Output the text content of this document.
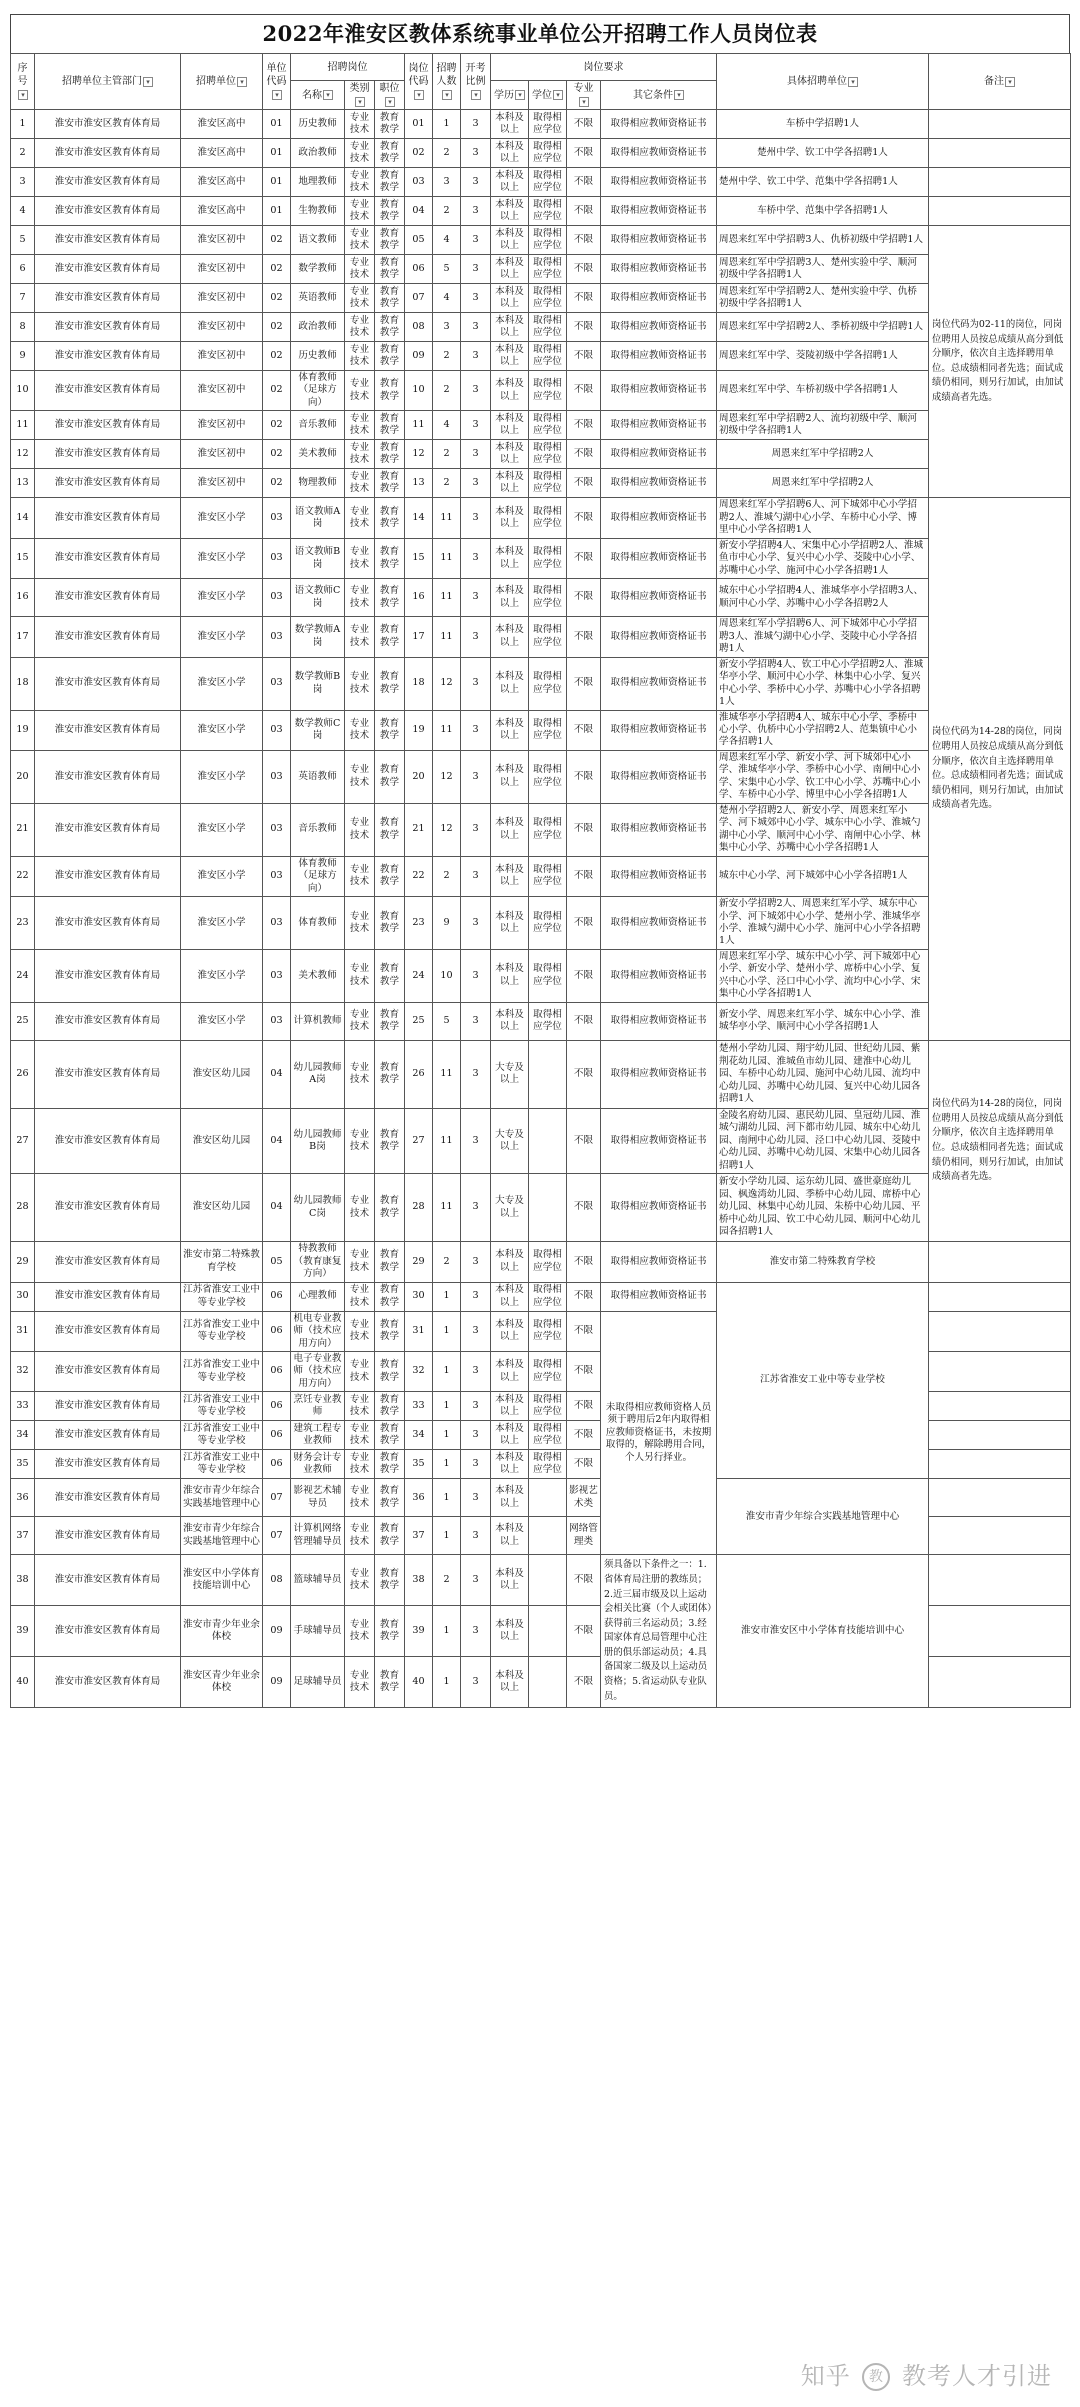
2022年淮安区教体系统事业单位公开招聘工作人员岗位表
序号▾	招聘单位主管部门 ▾	招聘单位 ▾	单位代码▾	招聘岗位			岗位代码▾	招聘人数▾	开考比例▾	岗位要求				具体招聘单位 ▾	备注 ▾
				名称 ▾	类别▾	职位▾				学历 ▾	学位 ▾	专业▾	其它条件 ▾		
1	淮安市淮安区教育体育局	淮安区高中	01	历史教师	专业技术	教育教学	01	1	3	本科及以上	取得相应学位	不限	取得相应教师资格证书	车桥中学招聘1人	
2	淮安市淮安区教育体育局	淮安区高中	01	政治教师	专业技术	教育教学	02	2	3	本科及以上	取得相应学位	不限	取得相应教师资格证书	楚州中学、钦工中学各招聘1人	
3	淮安市淮安区教育体育局	淮安区高中	01	地理教师	专业技术	教育教学	03	3	3	本科及以上	取得相应学位	不限	取得相应教师资格证书	楚州中学、钦工中学、范集中学各招聘1人	
4	淮安市淮安区教育体育局	淮安区高中	01	生物教师	专业技术	教育教学	04	2	3	本科及以上	取得相应学位	不限	取得相应教师资格证书	车桥中学、范集中学各招聘1人	
5	淮安市淮安区教育体育局	淮安区初中	02	语文教师	专业技术	教育教学	05	4	3	本科及以上	取得相应学位	不限	取得相应教师资格证书	周恩来红军中学招聘3人、仇桥初级中学招聘1人	岗位代码为02-11的岗位，同岗位聘用人员按总成绩从高分到低分顺序，依次自主选择聘用单位。总成绩相同者先选；面试成绩仍相同，则另行加试，由加试成绩高者先选。
6	淮安市淮安区教育体育局	淮安区初中	02	数学教师	专业技术	教育教学	06	5	3	本科及以上	取得相应学位	不限	取得相应教师资格证书	周恩来红军中学招聘3人、楚州实验中学、顺河初级中学各招聘1人	
7	淮安市淮安区教育体育局	淮安区初中	02	英语教师	专业技术	教育教学	07	4	3	本科及以上	取得相应学位	不限	取得相应教师资格证书	周恩来红军中学招聘2人、楚州实验中学、仇桥初级中学各招聘1人	
8	淮安市淮安区教育体育局	淮安区初中	02	政治教师	专业技术	教育教学	08	3	3	本科及以上	取得相应学位	不限	取得相应教师资格证书	周恩来红军中学招聘2人、季桥初级中学招聘1人	
9	淮安市淮安区教育体育局	淮安区初中	02	历史教师	专业技术	教育教学	09	2	3	本科及以上	取得相应学位	不限	取得相应教师资格证书	周恩来红军中学、茭陵初级中学各招聘1人	
10	淮安市淮安区教育体育局	淮安区初中	02	体育教师（足球方向）	专业技术	教育教学	10	2	3	本科及以上	取得相应学位	不限	取得相应教师资格证书	周恩来红军中学、车桥初级中学各招聘1人	
11	淮安市淮安区教育体育局	淮安区初中	02	音乐教师	专业技术	教育教学	11	4	3	本科及以上	取得相应学位	不限	取得相应教师资格证书	周恩来红军中学招聘2人、流均初级中学、顺河初级中学各招聘1人	
12	淮安市淮安区教育体育局	淮安区初中	02	美术教师	专业技术	教育教学	12	2	3	本科及以上	取得相应学位	不限	取得相应教师资格证书	周恩来红军中学招聘2人	
13	淮安市淮安区教育体育局	淮安区初中	02	物理教师	专业技术	教育教学	13	2	3	本科及以上	取得相应学位	不限	取得相应教师资格证书	周恩来红军中学招聘2人	
14	淮安市淮安区教育体育局	淮安区小学	03	语文教师A岗	专业技术	教育教学	14	11	3	本科及以上	取得相应学位	不限	取得相应教师资格证书	周恩来红军小学招聘6人、河下城郊中心小学招聘2人、淮城勺湖中心小学、车桥中心小学、博里中心小学各招聘1人	岗位代码为14-28的岗位，同岗位聘用人员按总成绩从高分到低分顺序，依次自主选择聘用单位。总成绩相同者先选；面试成绩仍相同，则另行加试，由加试成绩高者先选。
15	淮安市淮安区教育体育局	淮安区小学	03	语文教师B岗	专业技术	教育教学	15	11	3	本科及以上	取得相应学位	不限	取得相应教师资格证书	新安小学招聘4人、宋集中心小学招聘2人、淮城鱼市中心小学、复兴中心小学、茭陵中心小学、苏嘴中心小学、施河中心小学各招聘1人	
16	淮安市淮安区教育体育局	淮安区小学	03	语文教师C岗	专业技术	教育教学	16	11	3	本科及以上	取得相应学位	不限	取得相应教师资格证书	城东中心小学招聘4人、淮城华亭小学招聘3人、顺河中心小学、苏嘴中心小学各招聘2人	
17	淮安市淮安区教育体育局	淮安区小学	03	数学教师A岗	专业技术	教育教学	17	11	3	本科及以上	取得相应学位	不限	取得相应教师资格证书	周恩来红军小学招聘6人、河下城郊中心小学招聘3人、淮城勺湖中心小学、茭陵中心小学各招聘1人	
18	淮安市淮安区教育体育局	淮安区小学	03	数学教师B岗	专业技术	教育教学	18	12	3	本科及以上	取得相应学位	不限	取得相应教师资格证书	新安小学招聘4人、钦工中心小学招聘2人、淮城华亭小学、顺河中心小学、林集中心小学、复兴中心小学、季桥中心小学、苏嘴中心小学各招聘1人	
19	淮安市淮安区教育体育局	淮安区小学	03	数学教师C岗	专业技术	教育教学	19	11	3	本科及以上	取得相应学位	不限	取得相应教师资格证书	淮城华亭小学招聘4人、城东中心小学、季桥中心小学、仇桥中心小学招聘2人、范集镇中心小学各招聘1人	
20	淮安市淮安区教育体育局	淮安区小学	03	英语教师	专业技术	教育教学	20	12	3	本科及以上	取得相应学位	不限	取得相应教师资格证书	周恩来红军小学、新安小学、河下城郊中心小学、淮城华亭小学、季桥中心小学、南闸中心小学、宋集中心小学、钦工中心小学、苏嘴中心小学、车桥中心小学、博里中心小学各招聘1人	
21	淮安市淮安区教育体育局	淮安区小学	03	音乐教师	专业技术	教育教学	21	12	3	本科及以上	取得相应学位	不限	取得相应教师资格证书	楚州小学招聘2人、新安小学、周恩来红军小学、河下城郊中心小学、城东中心小学、淮城勺湖中心小学、顺河中心小学、南闸中心小学、林集中心小学、苏嘴中心小学各招聘1人	
22	淮安市淮安区教育体育局	淮安区小学	03	体育教师（足球方向）	专业技术	教育教学	22	2	3	本科及以上	取得相应学位	不限	取得相应教师资格证书	城东中心小学、河下城郊中心小学各招聘1人	
23	淮安市淮安区教育体育局	淮安区小学	03	体育教师	专业技术	教育教学	23	9	3	本科及以上	取得相应学位	不限	取得相应教师资格证书	新安小学招聘2人、周恩来红军小学、城东中心小学、河下城郊中心小学、楚州小学、淮城华亭小学、淮城勺湖中心小学、施河中心小学各招聘1人	
24	淮安市淮安区教育体育局	淮安区小学	03	美术教师	专业技术	教育教学	24	10	3	本科及以上	取得相应学位	不限	取得相应教师资格证书	周恩来红军小学、城东中心小学、河下城郊中心小学、新安小学、楚州小学、席桥中心小学、复兴中心小学、泾口中心小学、流均中心小学、宋集中心小学各招聘1人	
25	淮安市淮安区教育体育局	淮安区小学	03	计算机教师	专业技术	教育教学	25	5	3	本科及以上	取得相应学位	不限	取得相应教师资格证书	新安小学、周恩来红军小学、城东中心小学、淮城华亭小学、顺河中心小学各招聘1人	
26	淮安市淮安区教育体育局	淮安区幼儿园	04	幼儿园教师A岗	专业技术	教育教学	26	11	3	大专及以上		不限	取得相应教师资格证书	楚州小学幼儿园、翔宇幼儿园、世纪幼儿园、紫荆花幼儿园、淮城鱼市幼儿园、建淮中心幼儿园、车桥中心幼儿园、施河中心幼儿园、流均中心幼儿园、苏嘴中心幼儿园、复兴中心幼儿园各招聘1人	岗位代码为14-28的岗位，同岗位聘用人员按总成绩从高分到低分顺序，依次自主选择聘用单位。总成绩相同者先选；面试成绩仍相同，则另行加试，由加试成绩高者先选。
27	淮安市淮安区教育体育局	淮安区幼儿园	04	幼儿园教师B岗	专业技术	教育教学	27	11	3	大专及以上		不限	取得相应教师资格证书	金陵名府幼儿园、惠民幼儿园、皇冠幼儿园、淮城勺湖幼儿园、河下都市幼儿园、城东中心幼儿园、南闸中心幼儿园、泾口中心幼儿园、茭陵中心幼儿园、苏嘴中心幼儿园、宋集中心幼儿园各招聘1人	
28	淮安市淮安区教育体育局	淮安区幼儿园	04	幼儿园教师C岗	专业技术	教育教学	28	11	3	大专及以上		不限	取得相应教师资格证书	新安小学幼儿园、运东幼儿园、盛世豪庭幼儿园、枫逸湾幼儿园、季桥中心幼儿园、席桥中心幼儿园、林集中心幼儿园、朱桥中心幼儿园、平桥中心幼儿园、钦工中心幼儿园、顺河中心幼儿园各招聘1人	
29	淮安市淮安区教育体育局	淮安市第二特殊教育学校	05	特教教师（教育康复方向）	专业技术	教育教学	29	2	3	本科及以上	取得相应学位	不限	取得相应教师资格证书	淮安市第二特殊教育学校	
30	淮安市淮安区教育体育局	江苏省淮安工业中等专业学校	06	心理教师	专业技术	教育教学	30	1	3	本科及以上	取得相应学位	不限	取得相应教师资格证书	江苏省淮安工业中等专业学校	
31	淮安市淮安区教育体育局	江苏省淮安工业中等专业学校	06	机电专业教师（技术应用方向）	专业技术	教育教学	31	1	3	本科及以上	取得相应学位	不限	未取得相应教师资格人员须于聘用后2年内取得相应教师资格证书，未按期取得的，解除聘用合同，个人另行择业。		
32	淮安市淮安区教育体育局	江苏省淮安工业中等专业学校	06	电子专业教师（技术应用方向）	专业技术	教育教学	32	1	3	本科及以上	取得相应学位	不限			
33	淮安市淮安区教育体育局	江苏省淮安工业中等专业学校	06	烹饪专业教师	专业技术	教育教学	33	1	3	本科及以上	取得相应学位	不限			
34	淮安市淮安区教育体育局	江苏省淮安工业中等专业学校	06	建筑工程专业教师	专业技术	教育教学	34	1	3	本科及以上	取得相应学位	不限			
35	淮安市淮安区教育体育局	江苏省淮安工业中等专业学校	06	财务会计专业教师	专业技术	教育教学	35	1	3	本科及以上	取得相应学位	不限			
36	淮安市淮安区教育体育局	淮安市青少年综合实践基地管理中心	07	影视艺术辅导员	专业技术	教育教学	36	1	3	本科及以上		影视艺术类		淮安市青少年综合实践基地管理中心	
37	淮安市淮安区教育体育局	淮安市青少年综合实践基地管理中心	07	计算机网络管理辅导员	专业技术	教育教学	37	1	3	本科及以上		网络管理类			
38	淮安市淮安区教育体育局	淮安区中小学体育技能培训中心	08	篮球辅导员	专业技术	教育教学	38	2	3	本科及以上		不限	须具备以下条件之一：1.省体育局注册的教练员；2.近三届市级及以上运动会相关比赛（个人或团体）获得前三名运动员；3.经国家体育总局管理中心注册的俱乐部运动员；4.具备国家二级及以上运动员资格；5.省运动队专业队员。	淮安市淮安区中小学体育技能培训中心	
39	淮安市淮安区教育体育局	淮安市青少年业余体校	09	手球辅导员	专业技术	教育教学	39	1	3	本科及以上		不限			
40	淮安市淮安区教育体育局	淮安区青少年业余体校	09	足球辅导员	专业技术	教育教学	40	1	3	本科及以上		不限			
知乎 教 教考人才引进
